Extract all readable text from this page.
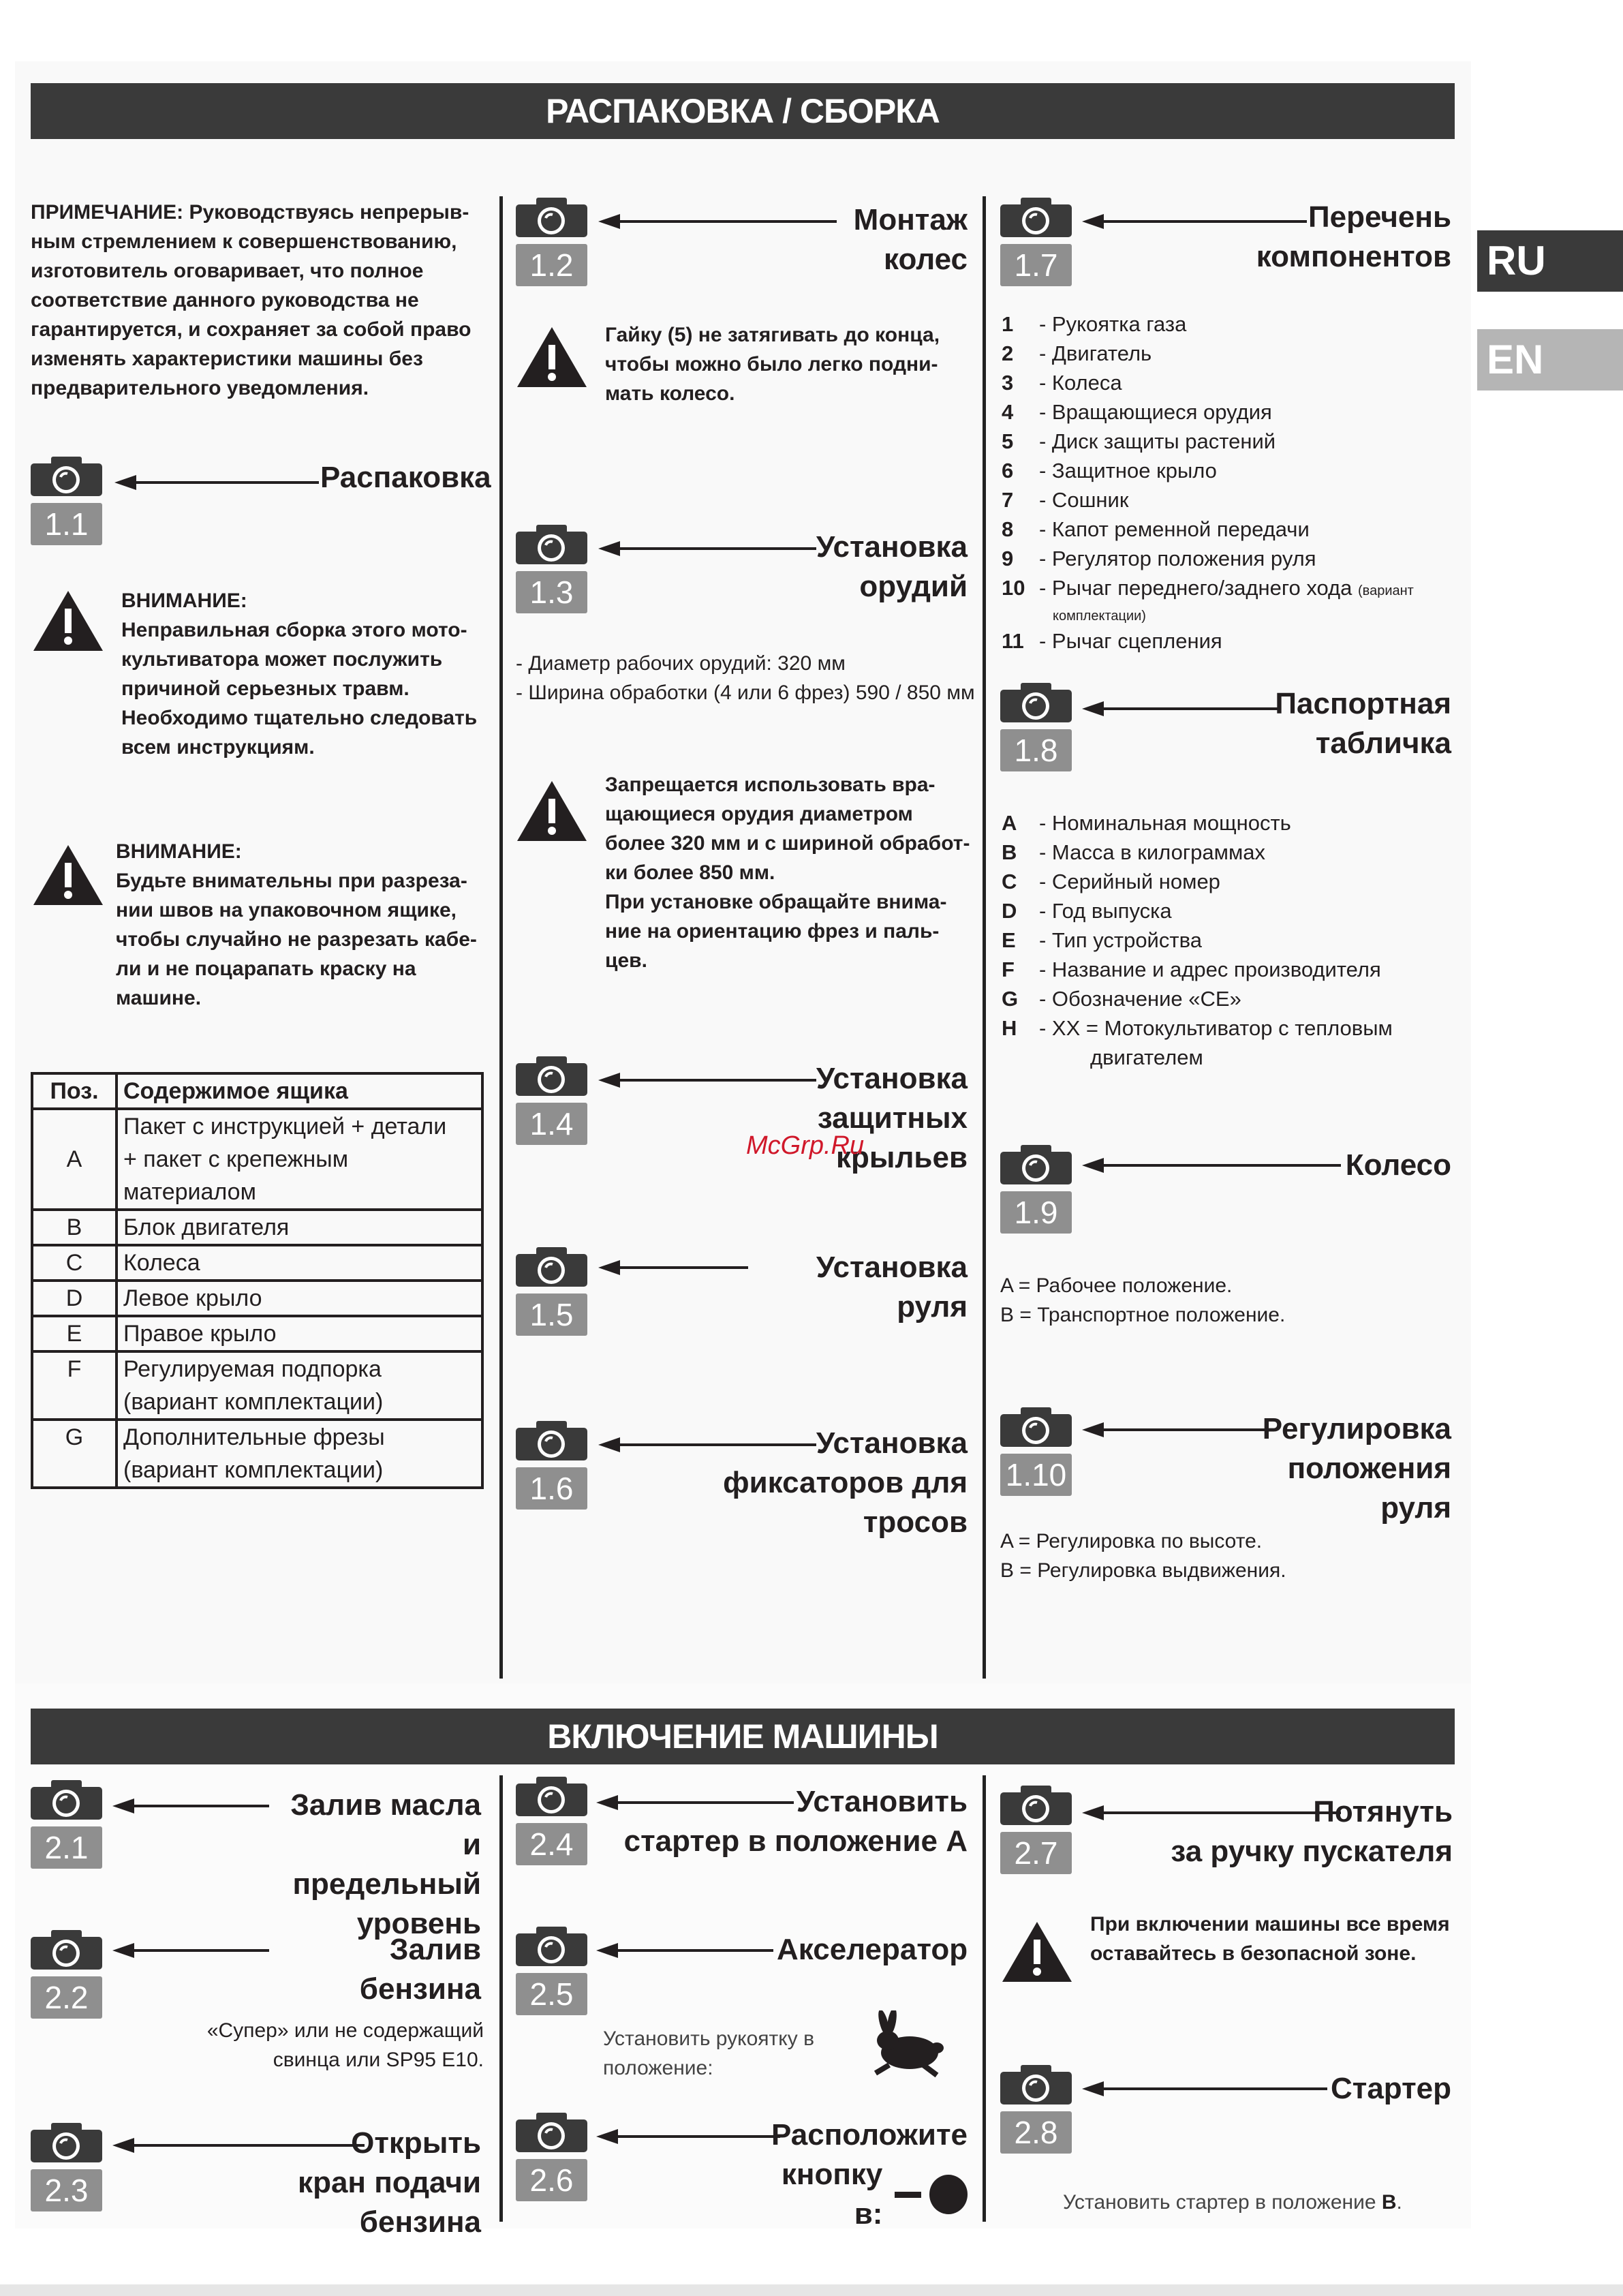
РАСПАКОВКА / СБОРКА
ВКЛЮЧЕНИЕ МАШИНЫ
RU
EN
ПРИМЕЧАНИЕ: Руководствуясь непрерыв-
ным стремлением к совершенствованию,
изготовитель оговаривает, что полное
соответствие данного руководства не
гарантируется, и сохраняет за собой право
изменять характеристики машины без
предварительного уведомления.
1.1
Распаковка
ВНИМАНИЕ:
Неправильная сборка этого мото-
культиватора может послужить
причиной серьезных травм.
Необходимо тщательно следовать
всем инструкциям.
ВНИМАНИЕ:
Будьте внимательны при разреза-
нии швов на упаковочном ящике,
чтобы случайно не разрезать кабе-
ли и не поцарапать краску на
машине.
Поз.	Содержимое ящика
A	Пакет с инструкцией + детали
+ пакет с крепежным материалом

B	Блок двигателя
C	Колеса
D	Левое крыло
E	Правое крыло
F	Регулируемая подпорка
(вариант комплектации)

G	Дополнительные фрезы
(вариант комплектации)
1.2
Монтаж
колес
Гайку (5) не затягивать до конца,
чтобы можно было легко подни-
мать колесо.
1.3
Установка
орудий
- Диаметр рабочих орудий: 320 мм
- Ширина обработки (4 или 6 фрез) 590 / 850 мм
Запрещается использовать вра-
щающиеся орудия диаметром
более 320 мм и с шириной обработ-
ки более 850 мм.
При установке обращайте внима-
ние на ориентацию фрез и паль-
цев.
1.4
Установка
защитных крыльев
1.5
Установка руля
1.6
Установка
фиксаторов для
тросов
1.7
Перечень
компонентов
1	- Рукоятка газа
2	- Двигатель
3	- Колеса
4	- Вращающиеся орудия
5	- Диск защиты растений
6	- Защитное крыло
7	- Сошник
8	- Капот ременной передачи
9	- Регулятор положения руля
10 - Рычаг переднего/заднего хода (вариант
комплектации)
11 - Рычаг сцепления
1.8
Паспортная
табличка
A	- Номинальная мощность
B	- Масса в килограммах
C	- Серийный номер
D	- Год выпуска
E	- Тип устройства
F	- Название и адрес производителя
G - Обозначение «СЕ»
H	- XX = Мотокультиватор с тепловым
двигателем
1.9
Колесо
A = Рабочее положение.
B = Транспортное положение.
1.10
Регулировка
положения руля
A = Регулировка по высоте.
B = Регулировка выдвижения.
McGrp.Ru
2.1
Залив масла и
предельный
уровень
2.2
Залив бензина
«Супер» или не содержащий
свинца или SP95 E10.
2.3
Открыть
кран подачи бензина
2.4
Установить
стартер в положение А
2.5
Акселератор
Установить рукоятку в
положение:
2.6
Расположите
кнопку в:
2.7
Потянуть
за ручку пускателя
При включении машины все время
оставайтесь в безопасной зоне.
2.8
Стартер
Установить стартер в положение B.
